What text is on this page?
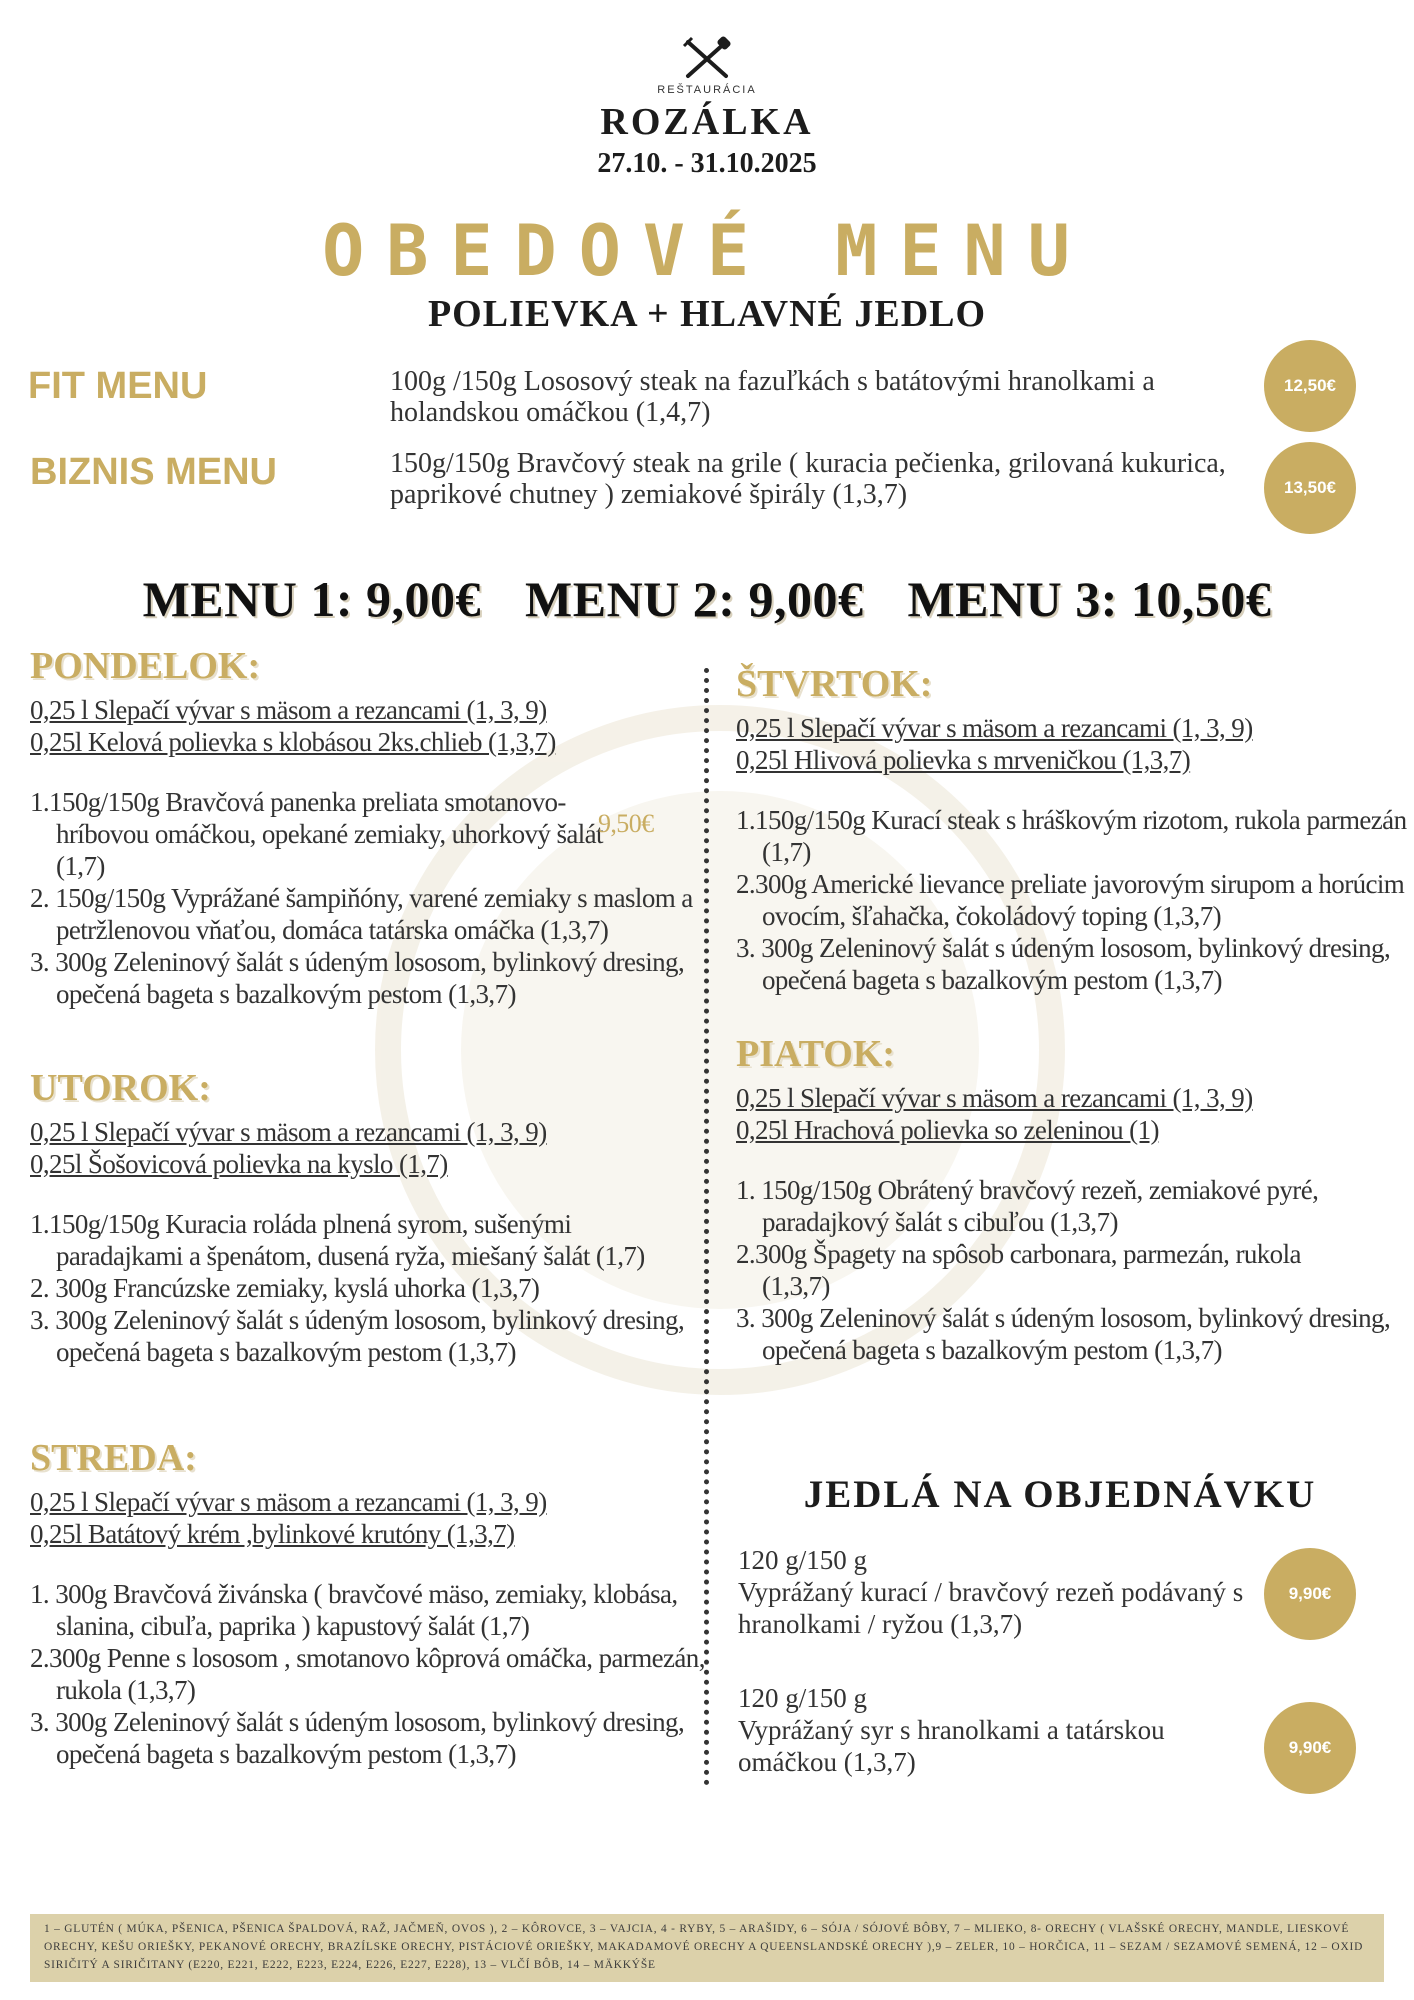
REŠTAURÁCIA
ROZÁLKA
27.10. - 31.10.2025
OBEDOVÉ MENU
POLIEVKA + HLAVNÉ JEDLO
FIT MENU	100g /150g Lososový steak na fazuľkách s batátovými hranolkami a holandskou omáčkou (1,4,7)
12,50€
BIZNIS MENU	150g/150g Bravčový steak na grile ( kuracia pečienka, grilovaná kukurica, paprikové chutney ) zemiakové špirály (1,3,7)	13,50€
MENU 1: 9,00€ MENU 2: 9,00€ MENU 3: 10,50€
PONDELOK:
0,25 l Slepačí vývar s mäsom a rezancami (1, 3, 9)
0,25l Kelová polievka s klobásou 2ks.chlieb (1,3,7)
1.150g/150g Bravčová panenka preliata smotanovo-hríbovou omáčkou, opekané zemiaky, uhorkový šalát (1,7)
9,50€
2. 150g/150g Vyprážané šampiňóny, varené zemiaky s maslom a petržlenovou vňaťou, domáca tatárska omáčka (1,3,7)
3. 300g Zeleninový šalát s údeným lososom, bylinkový dresing, opečená bageta s bazalkovým pestom (1,3,7)
UTOROK:
0,25 l Slepačí vývar s mäsom a rezancami (1, 3, 9)
0,25l Šošovicová polievka na kyslo (1,7)
1.150g/150g Kuracia roláda plnená syrom, sušenými paradajkami a špenátom, dusená ryža, miešaný šalát (1,7)
2. 300g Francúzske zemiaky, kyslá uhorka (1,3,7)
3. 300g Zeleninový šalát s údeným lososom, bylinkový dresing, opečená bageta s bazalkovým pestom (1,3,7)
STREDA:
0,25 l Slepačí vývar s mäsom a rezancami (1, 3, 9)
0,25l Batátový krém ,bylinkové krutóny (1,3,7)
1. 300g Bravčová živánska ( bravčové mäso, zemiaky, klobása, slanina, cibuľa, paprika ) kapustový šalát (1,7)
2.300g Penne s lososom , smotanovo kôprová omáčka, parmezán, rukola (1,3,7)
3. 300g Zeleninový šalát s údeným lososom, bylinkový dresing, opečená bageta s bazalkovým pestom (1,3,7)
ŠTVRTOK:
0,25 l Slepačí vývar s mäsom a rezancami (1, 3, 9)
0,25l Hlivová polievka s mrveničkou (1,3,7)
1.150g/150g Kurací steak s hráškovým rizotom, rukola parmezán (1,7)
2.300g Americké lievance preliate javorovým sirupom a horúcim ovocím, šľahačka, čokoládový toping (1,3,7)
3. 300g Zeleninový šalát s údeným lososom, bylinkový dresing, opečená bageta s bazalkovým pestom (1,3,7)
PIATOK:
0,25 l Slepačí vývar s mäsom a rezancami (1, 3, 9)
0,25l Hrachová polievka so zeleninou (1)
1. 150g/150g Obrátený bravčový rezeň, zemiakové pyré, paradajkový šalát s cibuľou (1,3,7)
2.300g Špagety na spôsob carbonara, parmezán, rukola (1,3,7)
3. 300g Zeleninový šalát s údeným lososom, bylinkový dresing, opečená bageta s bazalkovým pestom (1,3,7)
JEDLÁ NA OBJEDNÁVKU
120 g/150 g
Vyprážaný kurací / bravčový rezeň podávaný s hranolkami / ryžou (1,3,7)
9,90€
120 g/150 g
Vyprážaný syr s hranolkami a tatárskou omáčkou (1,3,7)	9,90€
1 – GLUTÉN ( MÚKA, PŠENICA, PŠENICA ŠPALDOVÁ, RAŽ, JAČMEŇ, OVOS ), 2 – KÔROVCE, 3 – VAJCIA, 4 - RYBY, 5 – ARAŠIDY, 6 – SÓJA / SÓJOVÉ BÔBY, 7 – MLIEKO, 8- ORECHY ( VLAŠSKÉ ORECHY, MANDLE, LIESKOVÉ ORECHY, KEŠU ORIEŠKY, PEKANOVÉ ORECHY, BRAZÍLSKE ORECHY, PISTÁCIOVÉ ORIEŠKY, MAKADAMOVÉ ORECHY A QUEENSLANDSKÉ ORECHY ),9 – ZELER, 10 – HORČICA, 11 – SEZAM / SEZAMOVÉ SEMENÁ, 12 – OXID SIRIČITÝ A SIRIČITANY (E220, E221, E222, E223, E224, E226, E227, E228), 13 – VLČÍ BÔB, 14 – MÄKKÝŠE
